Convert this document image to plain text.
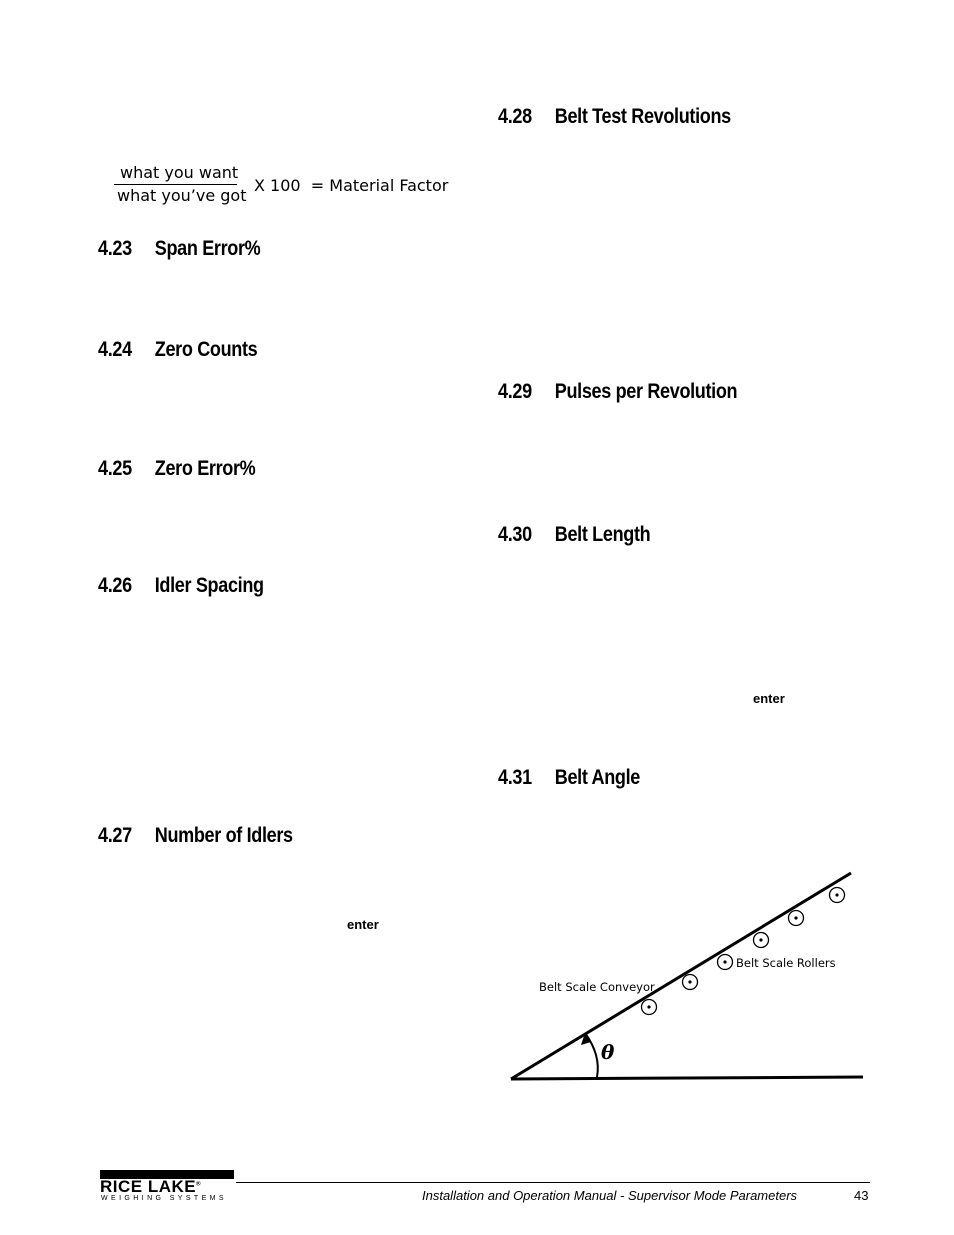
what you want
what you’ve got
X 100 = Material Factor
4.23 Span Error%
4.24 Zero Counts
4.25 Zero Error%
4.26 Idler Spacing
4.27 Number of Idlers
enter
4.28 Belt Test Revolutions
4.29 Pulses per Revolution
4.30 Belt Length
enter
4.31 Belt Angle
θ
Belt Scale Conveyor
Belt Scale Rollers
RICE LAKE®
WEIGHING SYSTEMS	Installation and Operation Manual - Supervisor Mode Parameters	43
